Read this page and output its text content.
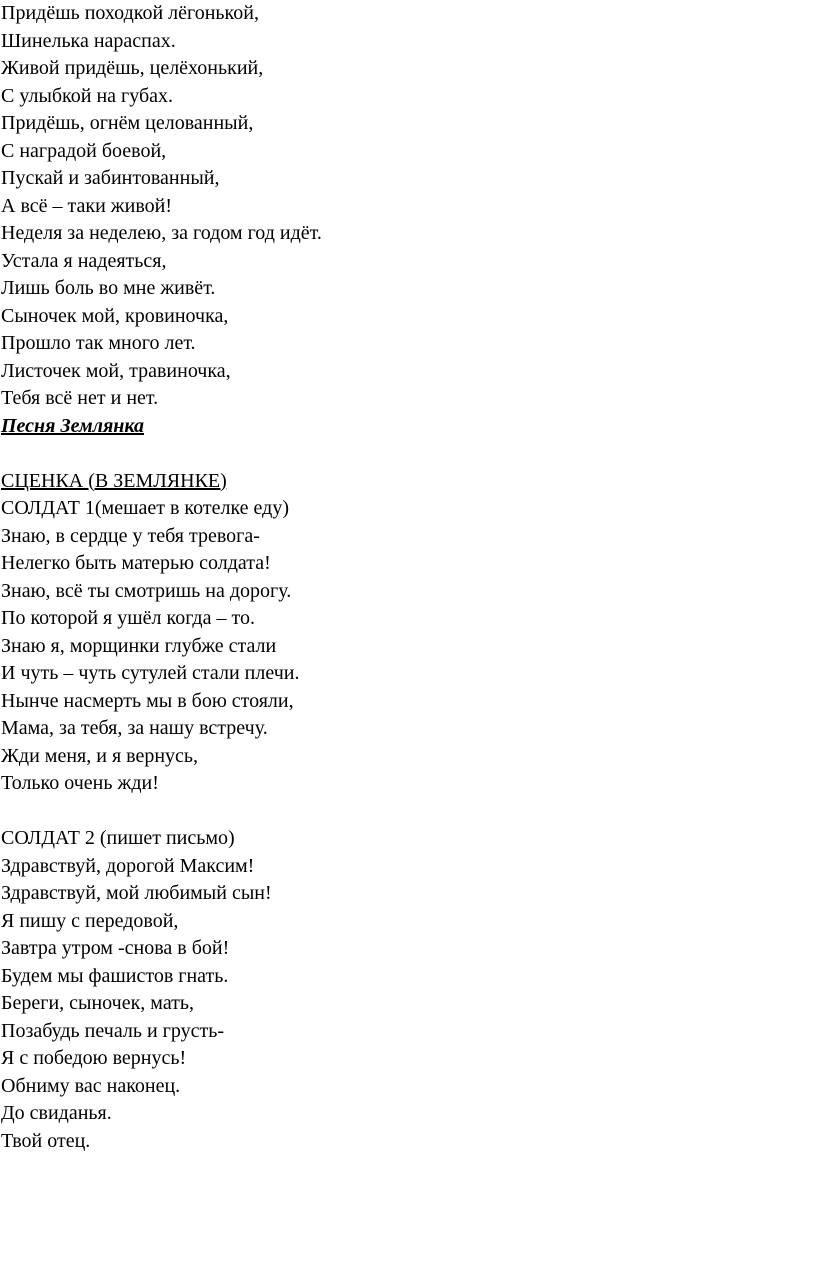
Придёшь походкой лёгонькой,
Шинелька нараспах.
Живой придёшь, целёхонький,
С улыбкой на губах.
Придёшь, огнём целованный,
С наградой боевой,
Пускай и забинтованный,
А всё – таки живой!
Неделя за неделею, за годом год идёт.
Устала я надеяться,
Лишь боль во мне живёт.
Сыночек мой, кровиночка,
Прошло так много лет.
Листочек мой, травиночка,
Тебя всё нет и нет.
Песня Землянка
СЦЕНКА (В ЗЕМЛЯНКЕ)
СОЛДАТ 1(мешает в котелке еду)
Знаю, в сердце у тебя тревога-
Нелегко быть матерью солдата!
Знаю, всё ты смотришь на дорогу.
По которой я ушёл когда – то.
Знаю я, морщинки глубже стали
И чуть – чуть сутулей стали плечи.
Нынче насмерть мы в бою стояли,
Мама, за тебя, за нашу встречу.
Жди меня, и я вернусь,
Только очень жди!
СОЛДАТ 2 (пишет письмо)
Здравствуй, дорогой Максим!
Здравствуй, мой любимый сын!
Я пишу с передовой,
Завтра утром -снова в бой!
Будем мы фашистов гнать.
Береги, сыночек, мать,
Позабудь печаль и грусть-
Я с победою вернусь!
Обниму вас наконец.
До свиданья.
Твой отец.
